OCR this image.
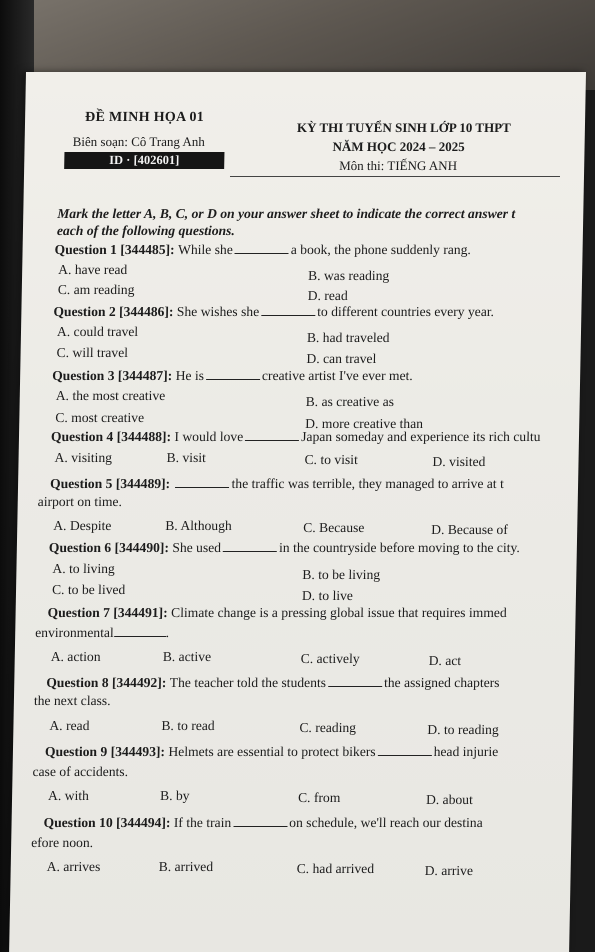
ĐỀ MINH HỌA 01
Biên soạn: Cô Trang Anh
ID · [402601]
KỲ THI TUYỂN SINH LỚP 10 THPT
NĂM HỌC 2024 – 2025
Môn thi: TIẾNG ANH
Mark the letter A, B, C, or D on your answer sheet to indicate the correct answer t
each of the following questions.
Question 1 [344485]: While she	a book, the phone suddenly rang.
A. have read	B. was reading
C. am reading	D. read
Question 2 [344486]: She wishes she	to different countries every year.
A. could travel	B. had traveled
C. will travel	D. can travel
Question 3 [344487]: He is	creative artist I've ever met.
A. the most creative	B. as creative as
C. most creative	D. more creative than
Question 4 [344488]: I would love	Japan someday and experience its rich cultu
A. visiting	B. visit	C. to visit	D. visited
Question 5 [344489]:	the traffic was terrible, they managed to arrive at t
airport on time.
A. Despite	B. Although	C. Because	D. Because of
Question 6 [344490]: She used	in the countryside before moving to the city.
A. to living	B. to be living
C. to be lived	D. to live
Question 7 [344491]: Climate change is a pressing global issue that requires immed
environmental	.
A. action	B. active	C. actively	D. act
Question 8 [344492]: The teacher told the students	the assigned chapters
the next class.
A. read	B. to read	C. reading	D. to reading
Question 9 [344493]: Helmets are essential to protect bikers	head injurie
case of accidents.
A. with	B. by	C. from	D. about
Question 10 [344494]: If the train	on schedule, we'll reach our destina
efore noon.
A. arrives	B. arrived	C. had arrived	D. arrive
